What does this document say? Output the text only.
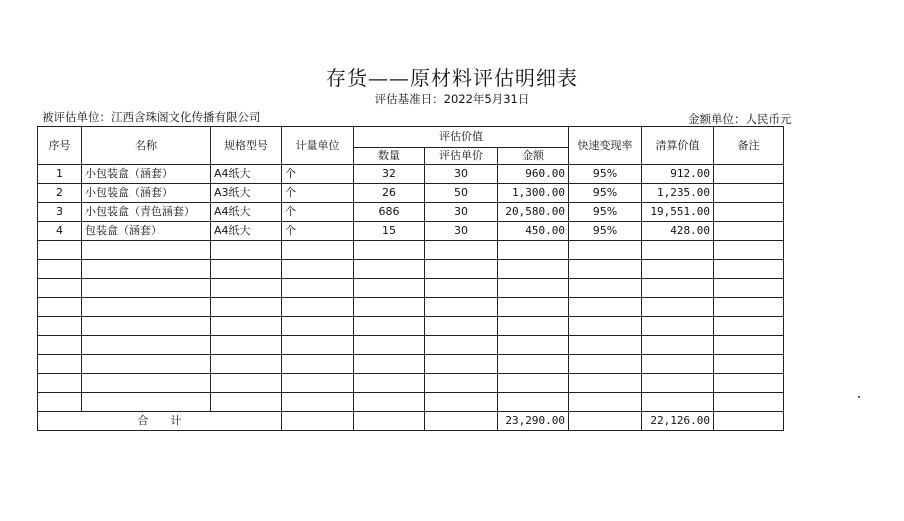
存货——原材料评估明细表
评估基准日：2022年5月31日
被评估单位：江西含珠阁文化传播有限公司	金额单位：人民币元
序号	名称	规格型号	计量单位	评估价值			快速变现率	清算价值	备注
				数量	评估单价	金额			
1	小包装盒（涵套）	A4纸大	个	32	30	960.00	95%	912.00	
2	小包装盒（涵套）	A3纸大	个	26	50	1,300.00	95%	1,235.00	
3	小包装盒（青色涵套）	A4纸大	个	686	30	20,580.00	95%	19,551.00	
4	包装盒（涵套）	A4纸大	个	15	30	450.00	95%	428.00	

合　　计						23,290.00		22,126.00	
